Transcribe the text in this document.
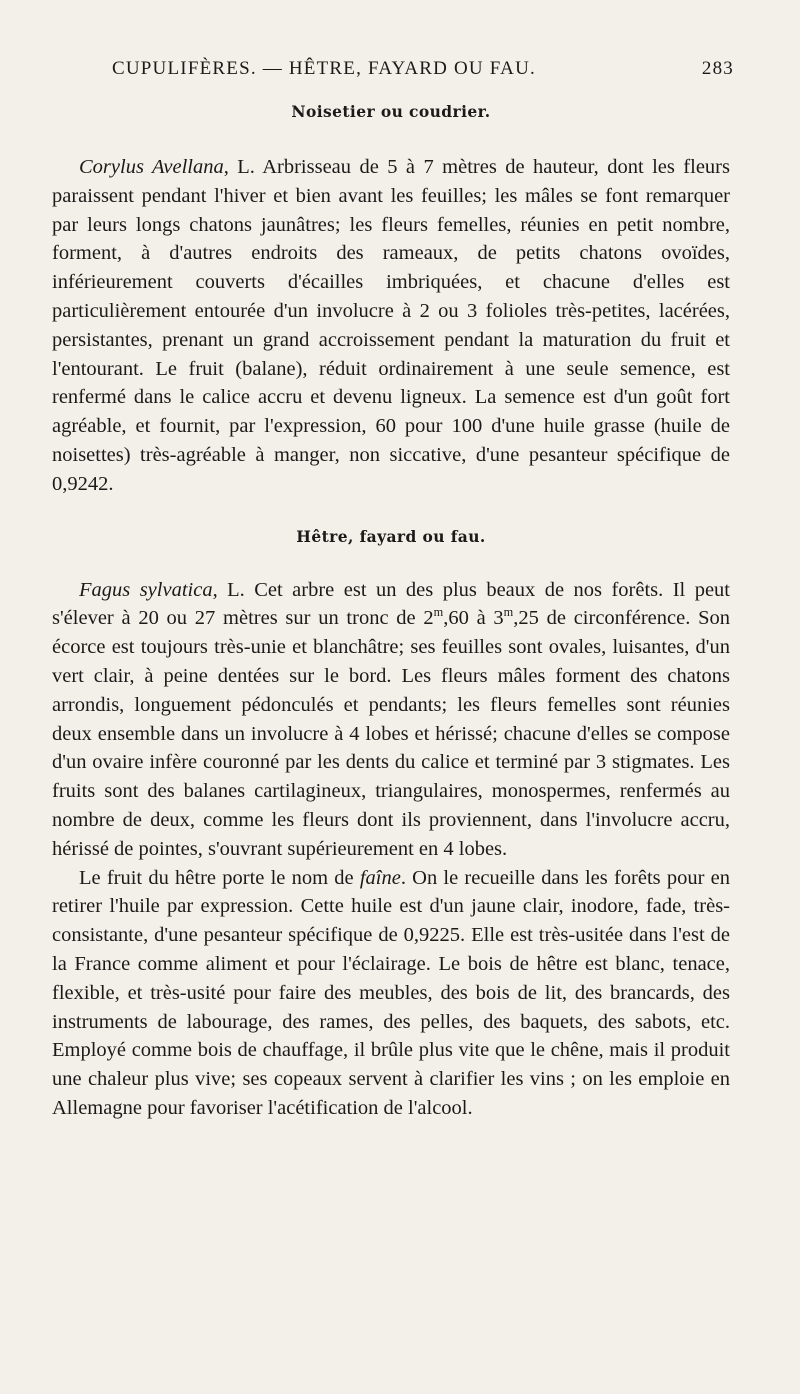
CUPULIFÈRES. — HÊTRE, FAYARD OU FAU.	283
Noisetier ou coudrier.

Corylus Avellana, L. Arbrisseau de 5 à 7 mètres de hauteur, dont les fleurs paraissent pendant l'hiver et bien avant les feuilles; les mâles se font remarquer par leurs longs chatons jaunâtres; les fleurs femelles, réunies en petit nombre, forment, à d'autres endroits des rameaux, de petits chatons ovoïdes, inférieurement couverts d'écailles imbriquées, et chacune d'elles est particulièrement entourée d'un involucre à 2 ou 3 folioles très-petites, lacérées, persistantes, prenant un grand accroissement pendant la maturation du fruit et l'entourant. Le fruit (balane), réduit ordinairement à une seule semence, est renfermé dans le calice accru et devenu ligneux. La semence est d'un goût fort agréable, et fournit, par l'expression, 60 pour 100 d'une huile grasse (huile de noisettes) très-agréable à manger, non siccative, d'une pesanteur spécifique de 0,9242.

Hêtre, fayard ou fau.

Fagus sylvatica, L. Cet arbre est un des plus beaux de nos forêts. Il peut s'élever à 20 ou 27 mètres sur un tronc de 2$^m$,60 à 3$^m$,25 de circonférence. Son écorce est toujours très-unie et blanchâtre; ses feuilles sont ovales, luisantes, d'un vert clair, à peine dentées sur le bord. Les fleurs mâles forment des chatons arrondis, longuement pédonculés et pendants; les fleurs femelles sont réunies deux ensemble dans un involucre à 4 lobes et hérissé; chacune d'elles se compose d'un ovaire infère couronné par les dents du calice et terminé par 3 stigmates. Les fruits sont des balanes cartilagineux, triangulaires, monospermes, renfermés au nombre de deux, comme les fleurs dont ils proviennent, dans l'involucre accru, hérissé de pointes, s'ouvrant supérieurement en 4 lobes.

Le fruit du hêtre porte le nom de faîne. On le recueille dans les forêts pour en retirer l'huile par expression. Cette huile est d'un jaune clair, inodore, fade, très-consistante, d'une pesanteur spécifique de 0,9225. Elle est très-usitée dans l'est de la France comme aliment et pour l'éclairage. Le bois de hêtre est blanc, tenace, flexible, et très-usité pour faire des meubles, des bois de lit, des brancards, des instruments de labourage, des rames, des pelles, des baquets, des sabots, etc. Employé comme bois de chauffage, il brûle plus vite que le chêne, mais il produit une chaleur plus vive; ses copeaux servent à clarifier les vins ; on les emploie en Allemagne pour favoriser l'acétification de l'alcool.
